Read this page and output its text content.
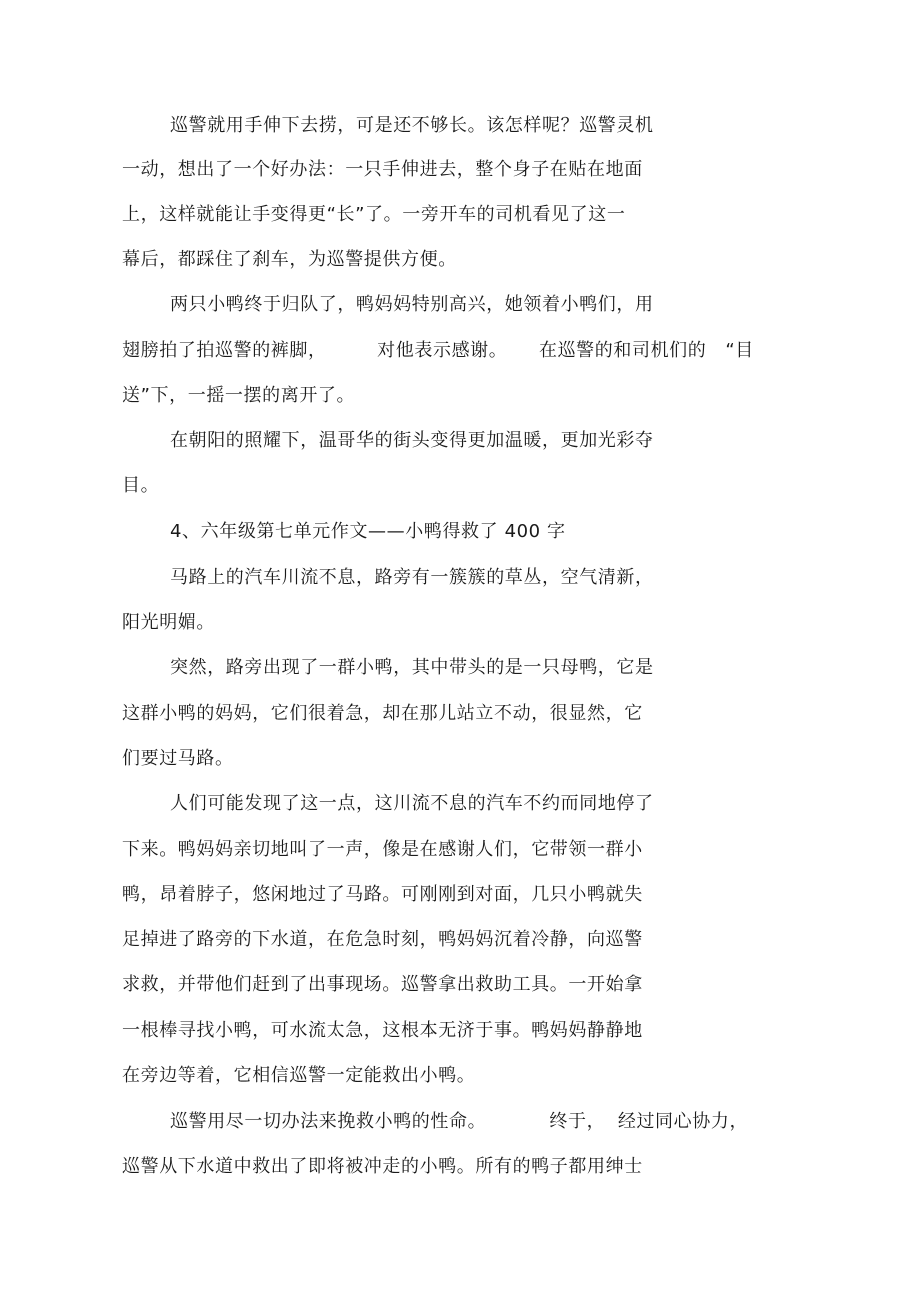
巡警就用手伸下去捞，可是还不够长。该怎样呢？巡警灵机
一动，想出了一个好办法：一只手伸进去，整个身子在贴在地面
上，这样就能让手变得更“长”了。一旁开车的司机看见了这一
幕后，都踩住了刹车，为巡警提供方便。
两只小鸭终于归队了，鸭妈妈特别高兴，她领着小鸭们，用
翅膀拍了拍巡警的裤脚，        对他表示感谢。     在巡警的和司机们的   “目
送”下，一摇一摆的离开了。
在朝阳的照耀下，温哥华的街头变得更加温暖，更加光彩夺
目。
4、六年级第七单元作文——小鸭得救了 400 字
马路上的汽车川流不息，路旁有一簇簇的草丛，空气清新，
阳光明媚。
突然，路旁出现了一群小鸭，其中带头的是一只母鸭，它是
这群小鸭的妈妈，它们很着急，却在那儿站立不动，很显然，它
们要过马路。
人们可能发现了这一点，这川流不息的汽车不约而同地停了
下来。鸭妈妈亲切地叫了一声，像是在感谢人们，它带领一群小
鸭，昂着脖子，悠闲地过了马路。可刚刚到对面，几只小鸭就失
足掉进了路旁的下水道，在危急时刻，鸭妈妈沉着冷静，向巡警
求救，并带他们赶到了出事现场。巡警拿出救助工具。一开始拿
一根棒寻找小鸭，可水流太急，这根本无济于事。鸭妈妈静静地
在旁边等着，它相信巡警一定能救出小鸭。
巡警用尽一切办法来挽救小鸭的性命。          终于，  经过同心协力，
巡警从下水道中救出了即将被冲走的小鸭。所有的鸭子都用绅士
